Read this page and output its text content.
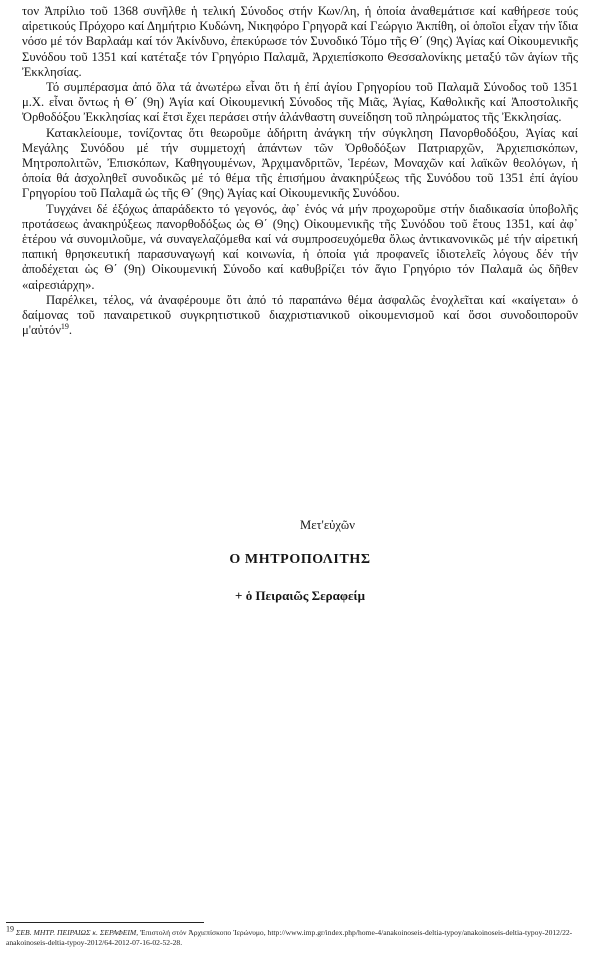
τον Ἀπρίλιο τοῦ 1368 συνῆλθε ἡ τελική Σύνοδος στήν Κων/λη, ἡ ὁποία ἀναθεμάτισε καί καθήρεσε τούς αἱρετικούς Πρόχορο καί Δημήτριο Κυδώνη, Νικηφόρο Γρηγορᾶ καί Γεώργιο Ἀκπίθη, οἱ ὁποῖοι εἶχαν τήν ἴδια νόσο μέ τόν Βαρλαάμ καί τόν Ἀκίνδυνο, ἐπεκύρωσε τόν Συνοδικό Τόμο τῆς Θ΄ (9ης) Ἁγίας καί Οἰκουμενικῆς Συνόδου τοῦ 1351 καί κατέταξε τόν Γρηγόριο Παλαμᾶ, Ἀρχιεπίσκοπο Θεσσαλονίκης μεταξύ τῶν ἁγίων τῆς Ἐκκλησίας.

Τό συμπέρασμα ἀπό ὅλα τά ἀνωτέρω εἶναι ὅτι ἡ ἐπί ἁγίου Γρηγορίου τοῦ Παλαμᾶ Σύνοδος τοῦ 1351 μ.Χ. εἶναι ὄντως ἡ Θ΄ (9η) Ἁγία καί Οἰκουμενική Σύνοδος τῆς Μιᾶς, Ἁγίας, Καθολικῆς καί Ἀποστολικῆς Ὀρθοδόξου Ἐκκλησίας καί ἔτσι ἔχει περάσει στήν ἀλάνθαστη συνείδηση τοῦ πληρώματος τῆς Ἐκκλησίας.

Κατακλείουμε, τονίζοντας ὅτι θεωροῦμε ἀδήριτη ἀνάγκη τήν σύγκληση Πανορθοδόξου, Ἁγίας καί Μεγάλης Συνόδου μέ τήν συμμετοχή ἁπάντων τῶν Ὀρθοδόξων Πατριαρχῶν, Ἀρχιεπισκόπων, Μητροπολιτῶν, Ἐπισκόπων, Καθηγουμένων, Ἀρχιμανδριτῶν, Ἱερέων, Μοναχῶν καί λαϊκῶν θεολόγων, ἡ ὁποία θά ἀσχοληθεῖ συνοδικῶς μέ τό θέμα τῆς ἐπισήμου ἀνακηρύξεως τῆς Συνόδου τοῦ 1351 ἐπί ἁγίου Γρηγορίου τοῦ Παλαμᾶ ὡς τῆς Θ΄ (9ης) Ἁγίας καί Οἰκουμενικῆς Συνόδου.

Τυγχάνει δέ ἐξόχως ἀπαράδεκτο τό γεγονός, ἀφ᾽ ἑνός νά μήν προχωροῦμε στήν διαδικασία ὑποβολῆς προτάσεως ἀνακηρύξεως πανορθοδόξως ὡς Θ΄ (9ης) Οἰκουμενικῆς τῆς Συνόδου τοῦ ἔτους 1351, καί ἀφ᾽ ἑτέρου νά συνομιλοῦμε, νά συναγελαζόμεθα καί νά συμπροσευχόμεθα ὅλως ἀντικανονικῶς μέ τήν αἱρετική παπική θρησκευτική παρασυναγωγή καί κοινωνία, ἡ ὁποία γιά προφανεῖς ἰδιοτελεῖς λόγους δέν τήν ἀποδέχεται ὡς Θ΄ (9η) Οἰκουμενική Σύνοδο καί καθυβρίζει τόν ἅγιο Γρηγόριο τόν Παλαμᾶ ὡς δῆθεν «αἱρεσιάρχη».

Παρέλκει, τέλος, νά ἀναφέρουμε ὅτι ἀπό τό παραπάνω θέμα ἀσφαλῶς ἐνοχλεῖται καί «καίγεται» ὁ δαίμονας τοῦ παναιρετικοῦ συγκρητιστικοῦ διαχριστιανικοῦ οἰκουμενισμοῦ καί ὅσοι συνοδοιποροῦν μ'αὐτόν$^{19}$.

Μετ'εὐχῶν
Ο ΜΗΤΡΟΠΟΛΙΤΗΣ
+ ὁ Πειραιῶς Σεραφείμ
$^{19}$ ΣΕΒ. ΜΗΤΡ. ΠΕΙΡΑΙΩΣ κ. ΣΕΡΑΦΕΙΜ, Ἐπιστολή στόν Ἀρχιεπίσκοπο Ἱερώνυμο, http://www.imp.gr/index.php/home-4/anakoinoseis-deltia-typoy/anakoinoseis-deltia-typoy-2012/22-anakoinoseis-deltia-typoy-2012/64-2012-07-16-02-52-28.
